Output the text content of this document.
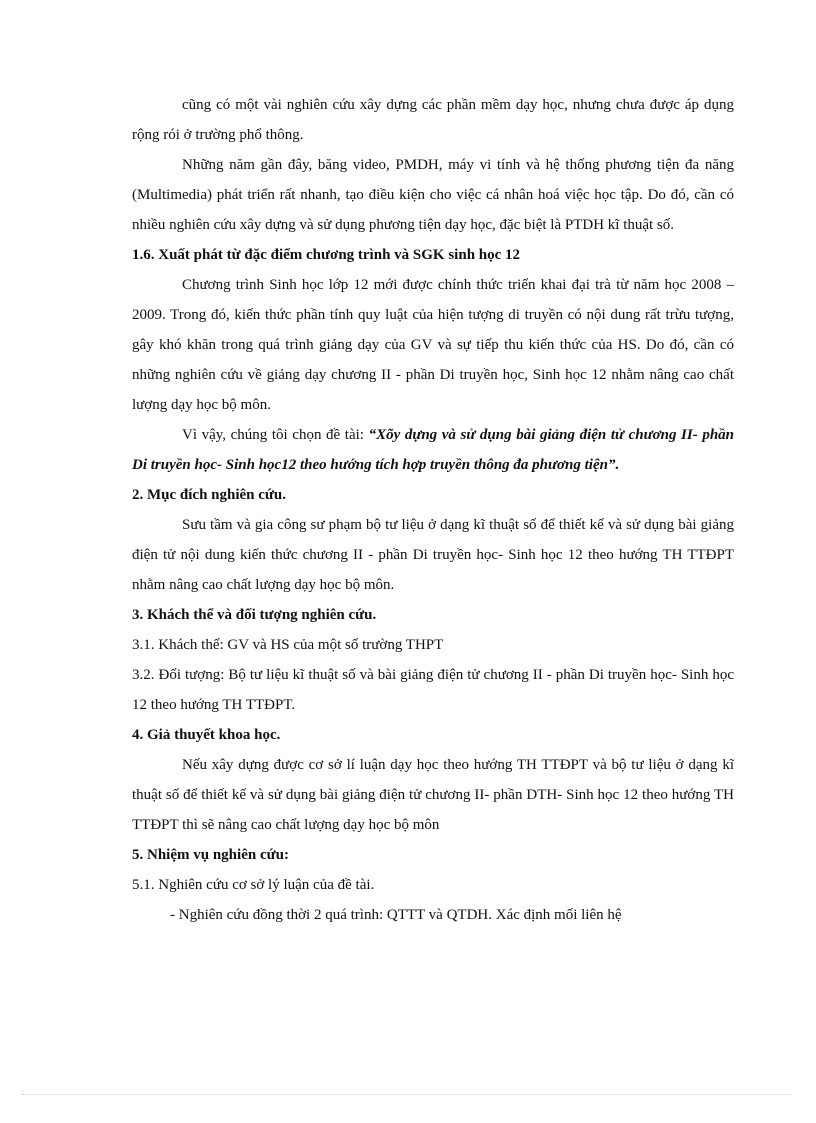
cũng có một vài nghiên cứu xây dựng các phần mềm dạy học, nhưng chưa được áp dụng rộng rói ở trường phổ thông.

Những năm gần đây, băng video, PMDH, máy vi tính và hệ thống phương tiện đa năng (Multimedia) phát triển rất nhanh, tạo điều kiện cho việc cá nhân hoá việc học tập. Do đó, cần có nhiều nghiên cứu xây dựng và sử dụng phương tiện dạy học, đặc biệt là PTDH kĩ thuật số.

1.6. Xuất phát từ đặc điểm chương trình và SGK sinh học 12

Chương trình Sinh học lớp 12 mới được chính thức triển khai đại trà từ năm học 2008 – 2009. Trong đó, kiến thức phần tính quy luật của hiện tượng di truyền có nội dung rất trừu tượng, gây khó khăn trong quá trình giảng dạy của GV và sự tiếp thu kiến thức của HS. Do đó, cần có những nghiên cứu về giảng dạy chương II - phần Di truyền học, Sinh học 12 nhằm nâng cao chất lượng dạy học bộ môn.

Vì vậy, chúng tôi chọn đề tài: “Xõy dựng và sử dụng bài giảng điện tử chương II- phần Di truyền học- Sinh học12 theo hướng tích hợp truyền thông đa phương tiện”.

2. Mục đích nghiên cứu.

Sưu tầm và gia công sư phạm bộ tư liệu ở dạng kĩ thuật số để thiết kế và sử dụng bài giảng điện tử nội dung kiến thức chương II - phần Di truyền học- Sinh học 12 theo hướng TH TTĐPT nhằm nâng cao chất lượng dạy học bộ môn.

3. Khách thể và đối tượng nghiên cứu.

3.1. Khách thể: GV và HS của một số trường THPT

3.2. Đối tượng: Bộ tư liệu kĩ thuật số và bài giảng điện tử chương II - phần Di truyền học- Sinh học 12 theo hướng TH TTĐPT.

4. Giả thuyết khoa học.

Nếu xây dựng được cơ sở lí luận dạy học theo hướng TH TTĐPT và bộ tư liệu ở dạng kĩ thuật số để thiết kế và sử dụng bài giảng điện tử chương II- phần DTH- Sinh học 12 theo hướng TH TTĐPT thì sẽ nâng cao chất lượng dạy học bộ môn

5. Nhiệm vụ nghiên cứu:

5.1. Nghiên cứu cơ sở lý luận của đề tài.

- Nghiên cứu đồng thời 2 quá trình: QTTT và QTDH. Xác định mối liên hệ
